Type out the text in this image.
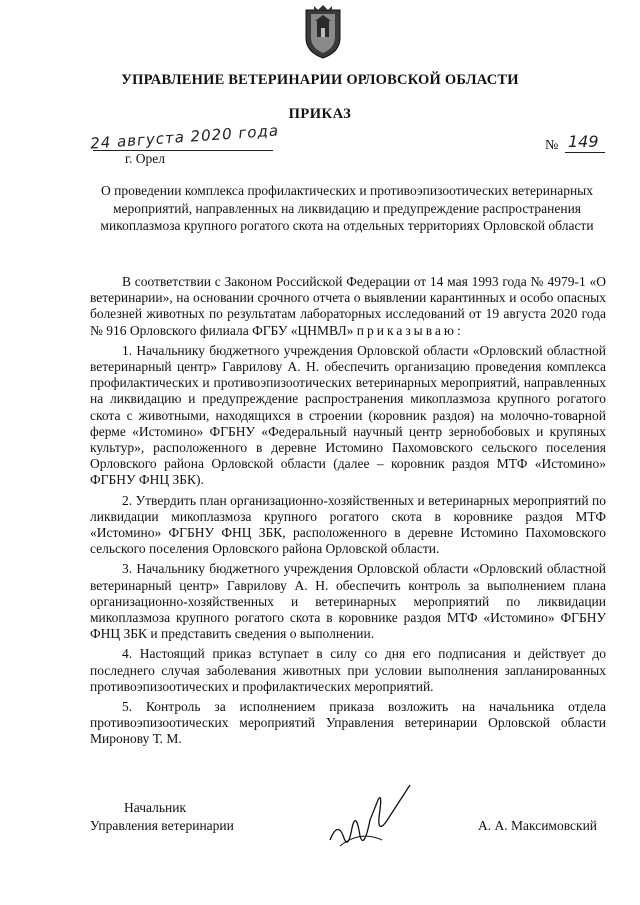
УПРАВЛЕНИЕ ВЕТЕРИНАРИИ ОРЛОВСКОЙ ОБЛАСТИ
ПРИКАЗ
24 августа 2020 года
г. Орел
№ 149
О проведении комплекса профилактических и противоэпизоотических ветеринарных мероприятий, направленных на ликвидацию и предупреждение распространения микоплазмоза крупного рогатого скота на отдельных территориях Орловской области

В соответствии с Законом Российской Федерации от 14 мая 1993 года № 4979-1 «О ветеринарии», на основании срочного отчета о выявлении карантинных и особо опасных болезней животных по результатам лабораторных исследований от 19 августа 2020 года № 916 Орловского филиала ФГБУ «ЦНМВЛ» приказываю:

1. Начальнику бюджетного учреждения Орловской области «Орловский областной ветеринарный центр» Гаврилову А. Н. обеспечить организацию проведения комплекса профилактических и противоэпизоотических ветеринарных мероприятий, направленных на ликвидацию и предупреждение распространения микоплазмоза крупного рогатого скота с животными, находящихся в строении (коровник раздоя) на молочно-товарной ферме «Истомино» ФГБНУ «Федеральный научный центр зернобобовых и крупяных культур», расположенного в деревне Истомино Пахомовского сельского поселения Орловского района Орловской области (далее – коровник раздоя МТФ «Истомино» ФГБНУ ФНЦ ЗБК).

2. Утвердить план организационно-хозяйственных и ветеринарных мероприятий по ликвидации микоплазмоза крупного рогатого скота в коровнике раздоя МТФ «Истомино» ФГБНУ ФНЦ ЗБК, расположенного в деревне Истомино Пахомовского сельского поселения Орловского района Орловской области.

3. Начальнику бюджетного учреждения Орловской области «Орловский областной ветеринарный центр» Гаврилову А. Н. обеспечить контроль за выполнением плана организационно-хозяйственных и ветеринарных мероприятий по ликвидации микоплазмоза крупного рогатого скота в коровнике раздоя МТФ «Истомино» ФГБНУ ФНЦ ЗБК и представить сведения о выполнении.

4. Настоящий приказ вступает в силу со дня его подписания и действует до последнего случая заболевания животных при условии выполнения запланированных противоэпизоотических и профилактических мероприятий.

5. Контроль за исполнением приказа возложить на начальника отдела противоэпизоотических мероприятий Управления ветеринарии Орловской области Миронову Т. М.

Начальник
Управления ветеринарии	А. А. Максимовский
